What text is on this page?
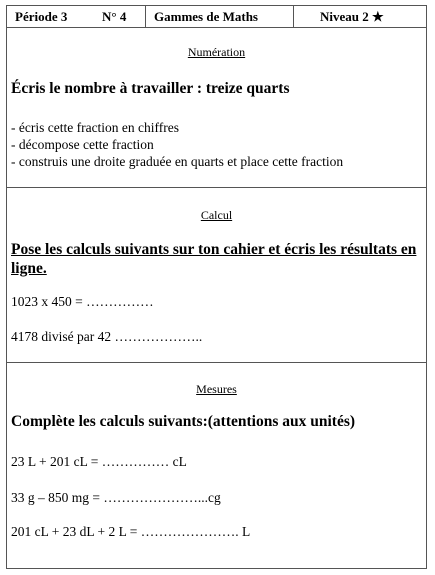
Période 3	N° 4	Gammes de Maths	Niveau 2 ★
Numération
Écris le nombre à travailler : treize quarts
- écris cette fraction en chiffres
- décompose cette fraction
- construis une droite graduée en quarts et place cette fraction
Calcul
Pose les calculs suivants sur ton cahier et écris les résultats en ligne.
1023 x 450 = ……………
4178 divisé par 42 ………………..
Mesures
Complète les calculs suivants:(attentions aux unités)
23 L + 201 cL = …………… cL
33 g – 850 mg = …………………...cg
201 cL + 23 dL + 2 L = …………………. L
